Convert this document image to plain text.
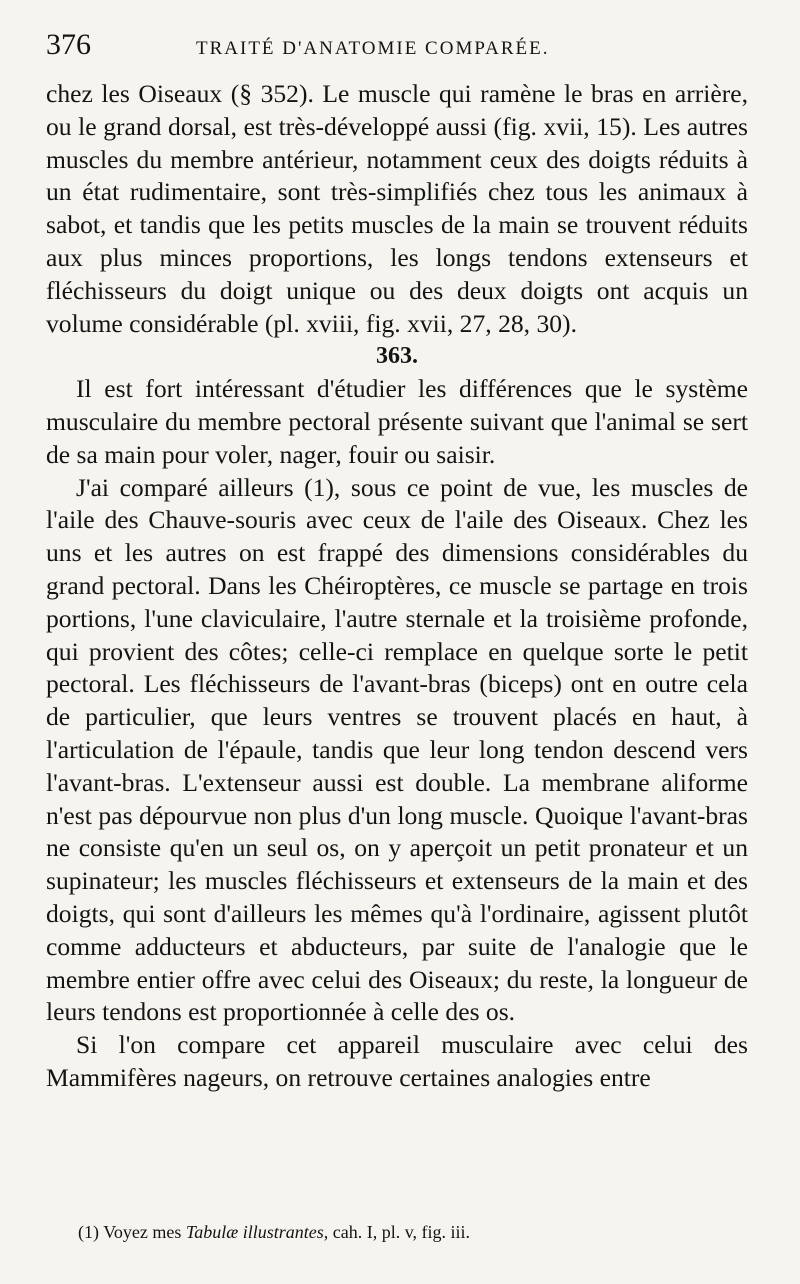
376	TRAITÉ D'ANATOMIE COMPARÉE.

chez les Oiseaux (§ 352). Le muscle qui ramène le bras en arrière, ou le grand dorsal, est très-développé aussi (fig. xvii, 15). Les autres muscles du membre antérieur, notamment ceux des doigts réduits à un état rudimentaire, sont très-simplifiés chez tous les animaux à sabot, et tandis que les petits muscles de la main se trouvent réduits aux plus minces proportions, les longs tendons extenseurs et fléchisseurs du doigt unique ou des deux doigts ont acquis un volume considérable (pl. xviii, fig. xvii, 27, 28, 30).

363.

Il est fort intéressant d'étudier les différences que le système musculaire du membre pectoral présente suivant que l'animal se sert de sa main pour voler, nager, fouir ou saisir.

J'ai comparé ailleurs (1), sous ce point de vue, les muscles de l'aile des Chauve-souris avec ceux de l'aile des Oiseaux. Chez les uns et les autres on est frappé des dimensions considérables du grand pectoral. Dans les Chéiroptères, ce muscle se partage en trois portions, l'une claviculaire, l'autre sternale et la troisième profonde, qui provient des côtes; celle-ci remplace en quelque sorte le petit pectoral. Les fléchisseurs de l'avant-bras (biceps) ont en outre cela de particulier, que leurs ventres se trouvent placés en haut, à l'articulation de l'épaule, tandis que leur long tendon descend vers l'avant-bras. L'extenseur aussi est double. La membrane aliforme n'est pas dépourvue non plus d'un long muscle. Quoique l'avant-bras ne consiste qu'en un seul os, on y aperçoit un petit pronateur et un supinateur; les muscles fléchisseurs et extenseurs de la main et des doigts, qui sont d'ailleurs les mêmes qu'à l'ordinaire, agissent plutôt comme adducteurs et abducteurs, par suite de l'analogie que le membre entier offre avec celui des Oiseaux; du reste, la longueur de leurs tendons est proportionnée à celle des os.

Si l'on compare cet appareil musculaire avec celui des Mammifères nageurs, on retrouve certaines analogies entre

(1) Voyez mes Tabulæ illustrantes, cah. I, pl. v, fig. iii.
